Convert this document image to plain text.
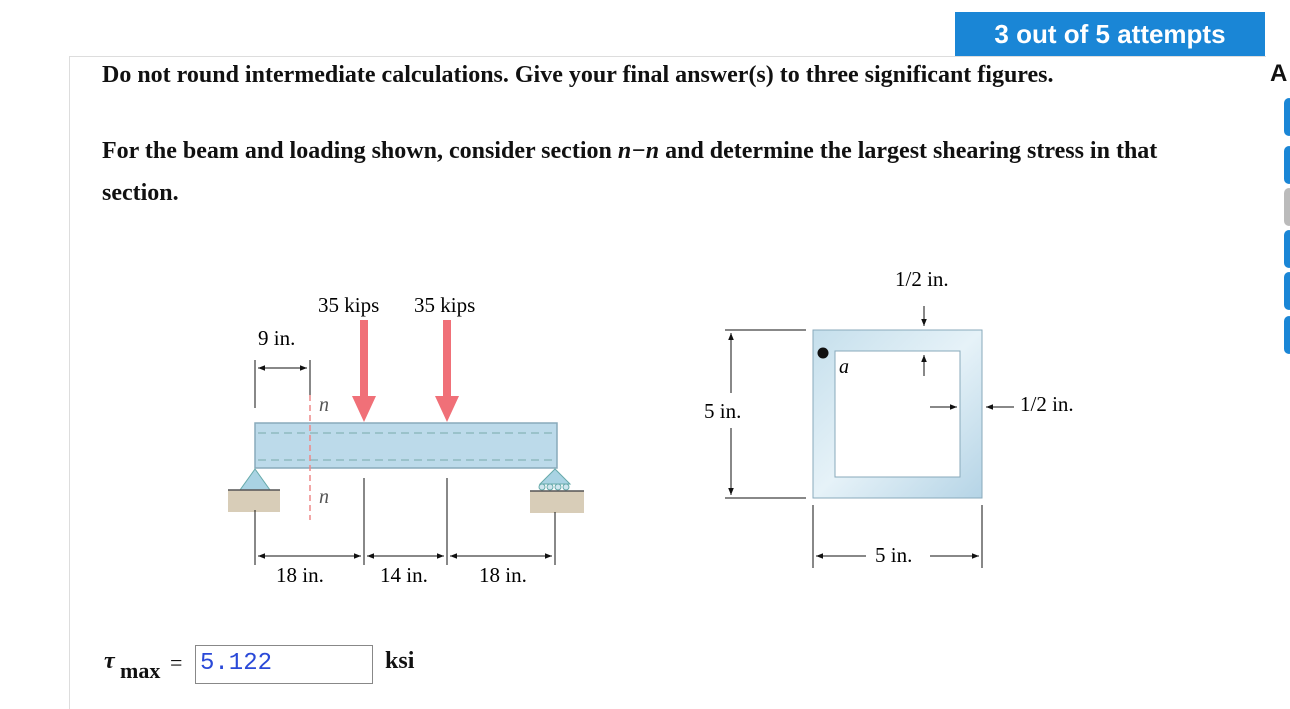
3 out of 5 attempts
A
Do not round intermediate calculations. Give your final answer(s) to three significant figures.
For the beam and loading shown, consider section n−n and determine the largest shearing stress in that section.
35 kips 35 kips
9 in.
n
n
18 in.	14 in. 18 in.
a
5 in.
5 in.
1/2 in.
1/2 in.
τ max = 5.122	ksi
